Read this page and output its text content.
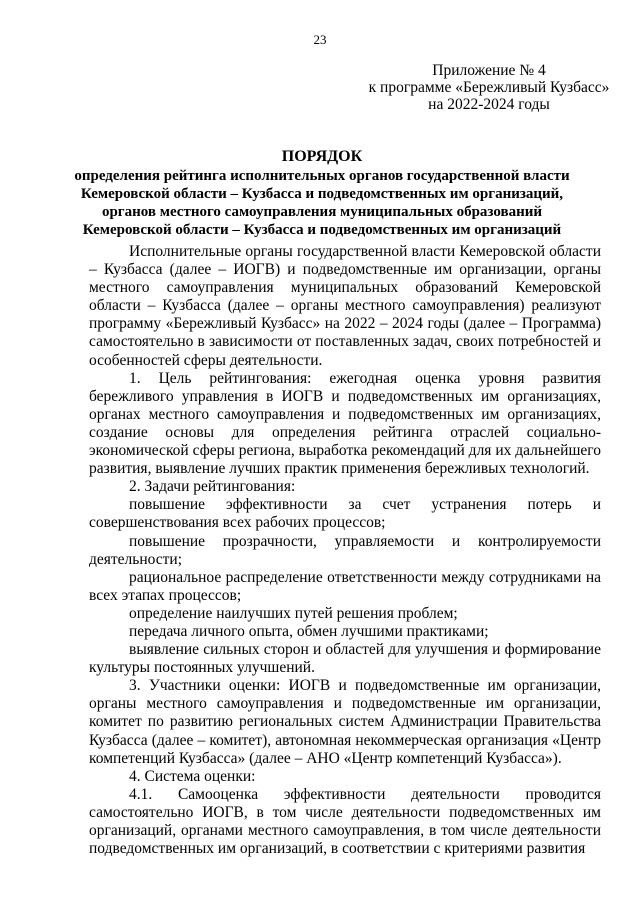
23
Приложение № 4
к программе «Бережливый Кузбасс»
на 2022-2024 годы
ПОРЯДОК
определения рейтинга исполнительных органов государственной власти
Кемеровской области – Кузбасса и подведомственных им организаций,
органов местного самоуправления муниципальных образований
Кемеровской области – Кузбасса и подведомственных им организаций

Исполнительные органы государственной власти Кемеровской области – Кузбасса (далее – ИОГВ) и подведомственные им организации, органы местного самоуправления муниципальных образований Кемеровской области – Кузбасса (далее – органы местного самоуправления) реализуют программу «Бережливый Кузбасс» на 2022 – 2024 годы (далее – Программа) самостоятельно в зависимости от поставленных задач, своих потребностей и особенностей сферы деятельности.

1. Цель рейтингования: ежегодная оценка уровня развития бережливого управления в ИОГВ и подведомственных им организациях, органах местного самоуправления и подведомственных им организациях, создание основы для определения рейтинга отраслей социально-экономической сферы региона, выработка рекомендаций для их дальнейшего развития, выявление лучших практик применения бережливых технологий.

2. Задачи рейтингования:

повышение эффективности за счет устранения потерь и совершенствования всех рабочих процессов;

повышение прозрачности, управляемости и контролируемости деятельности;

рациональное распределение ответственности между сотрудниками на всех этапах процессов;

определение наилучших путей решения проблем;

передача личного опыта, обмен лучшими практиками;

выявление сильных сторон и областей для улучшения и формирование культуры постоянных улучшений.

3. Участники оценки: ИОГВ и подведомственные им организации, органы местного самоуправления и подведомственные им организации, комитет по развитию региональных систем Администрации Правительства Кузбасса (далее – комитет), автономная некоммерческая организация «Центр компетенций Кузбасса» (далее – АНО «Центр компетенций Кузбасса»).

4. Система оценки:

4.1. Самооценка эффективности деятельности проводится самостоятельно ИОГВ, в том числе деятельности подведомственных им организаций, органами местного самоуправления, в том числе деятельности подведомственных им организаций, в соответствии с критериями развития
